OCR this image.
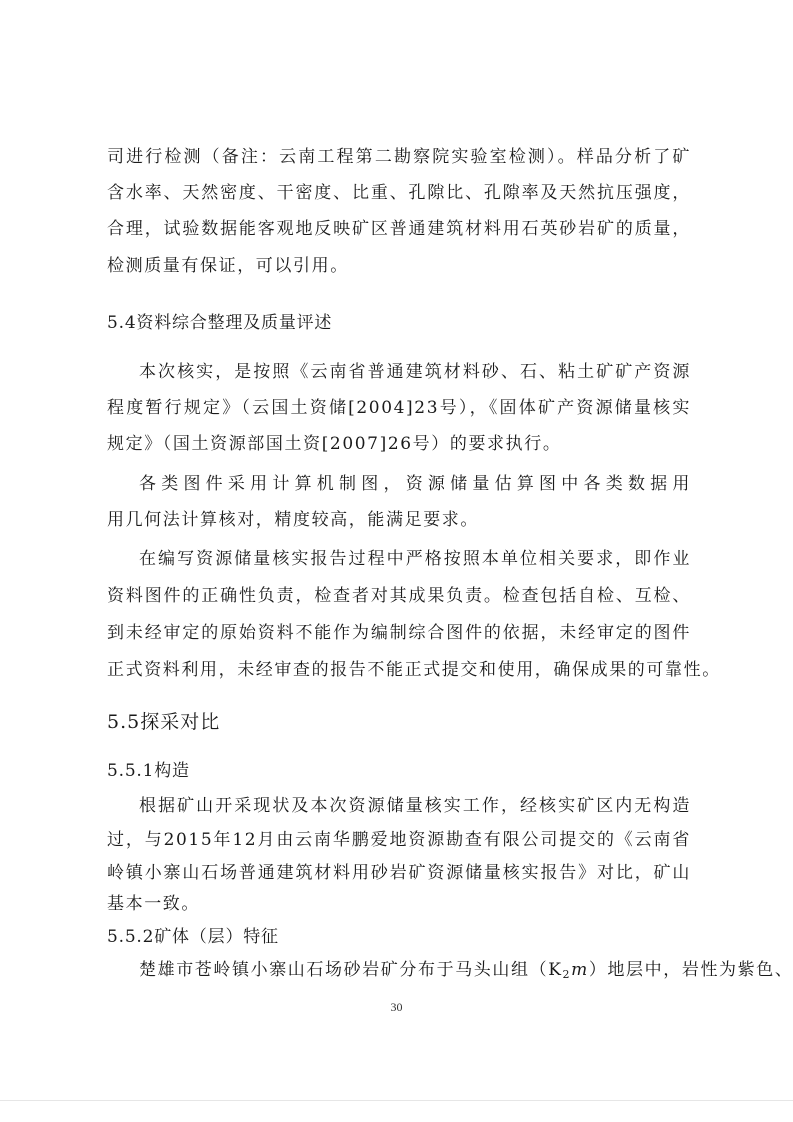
司进行检测（备注：云南工程第二勘察院实验室检测）。样品分析了矿
含水率、天然密度、干密度、比重、孔隙比、孔隙率及天然抗压强度，
合理，试验数据能客观地反映矿区普通建筑材料用石英砂岩矿的质量，
检测质量有保证，可以引用。
5.4资料综合整理及质量评述
本次核实，是按照《云南省普通建筑材料砂、石、粘土矿矿产资源
程度暂行规定》（云国土资储[2004]23号），《固体矿产资源储量核实
规定》（国土资源部国土资[2007]26号）的要求执行。
各类图件采用计算机制图，资源储量估算图中各类数据用
用几何法计算核对，精度较高，能满足要求。
在编写资源储量核实报告过程中严格按照本单位相关要求，即作业
资料图件的正确性负责，检查者对其成果负责。检查包括自检、互检、
到未经审定的原始资料不能作为编制综合图件的依据，未经审定的图件
正式资料利用，未经审查的报告不能正式提交和使用，确保成果的可靠性。
5.5探采对比
5.5.1构造
根据矿山开采现状及本次资源储量核实工作，经核实矿区内无构造
过，与2015年12月由云南华鹏爱地资源勘查有限公司提交的《云南省
岭镇小寨山石场普通建筑材料用砂岩矿资源储量核实报告》对比，矿山
基本一致。
5.5.2矿体（层）特征
楚雄市苍岭镇小寨山石场砂岩矿分布于马头山组$(K_2m)$地层中，岩性为紫色、
30
